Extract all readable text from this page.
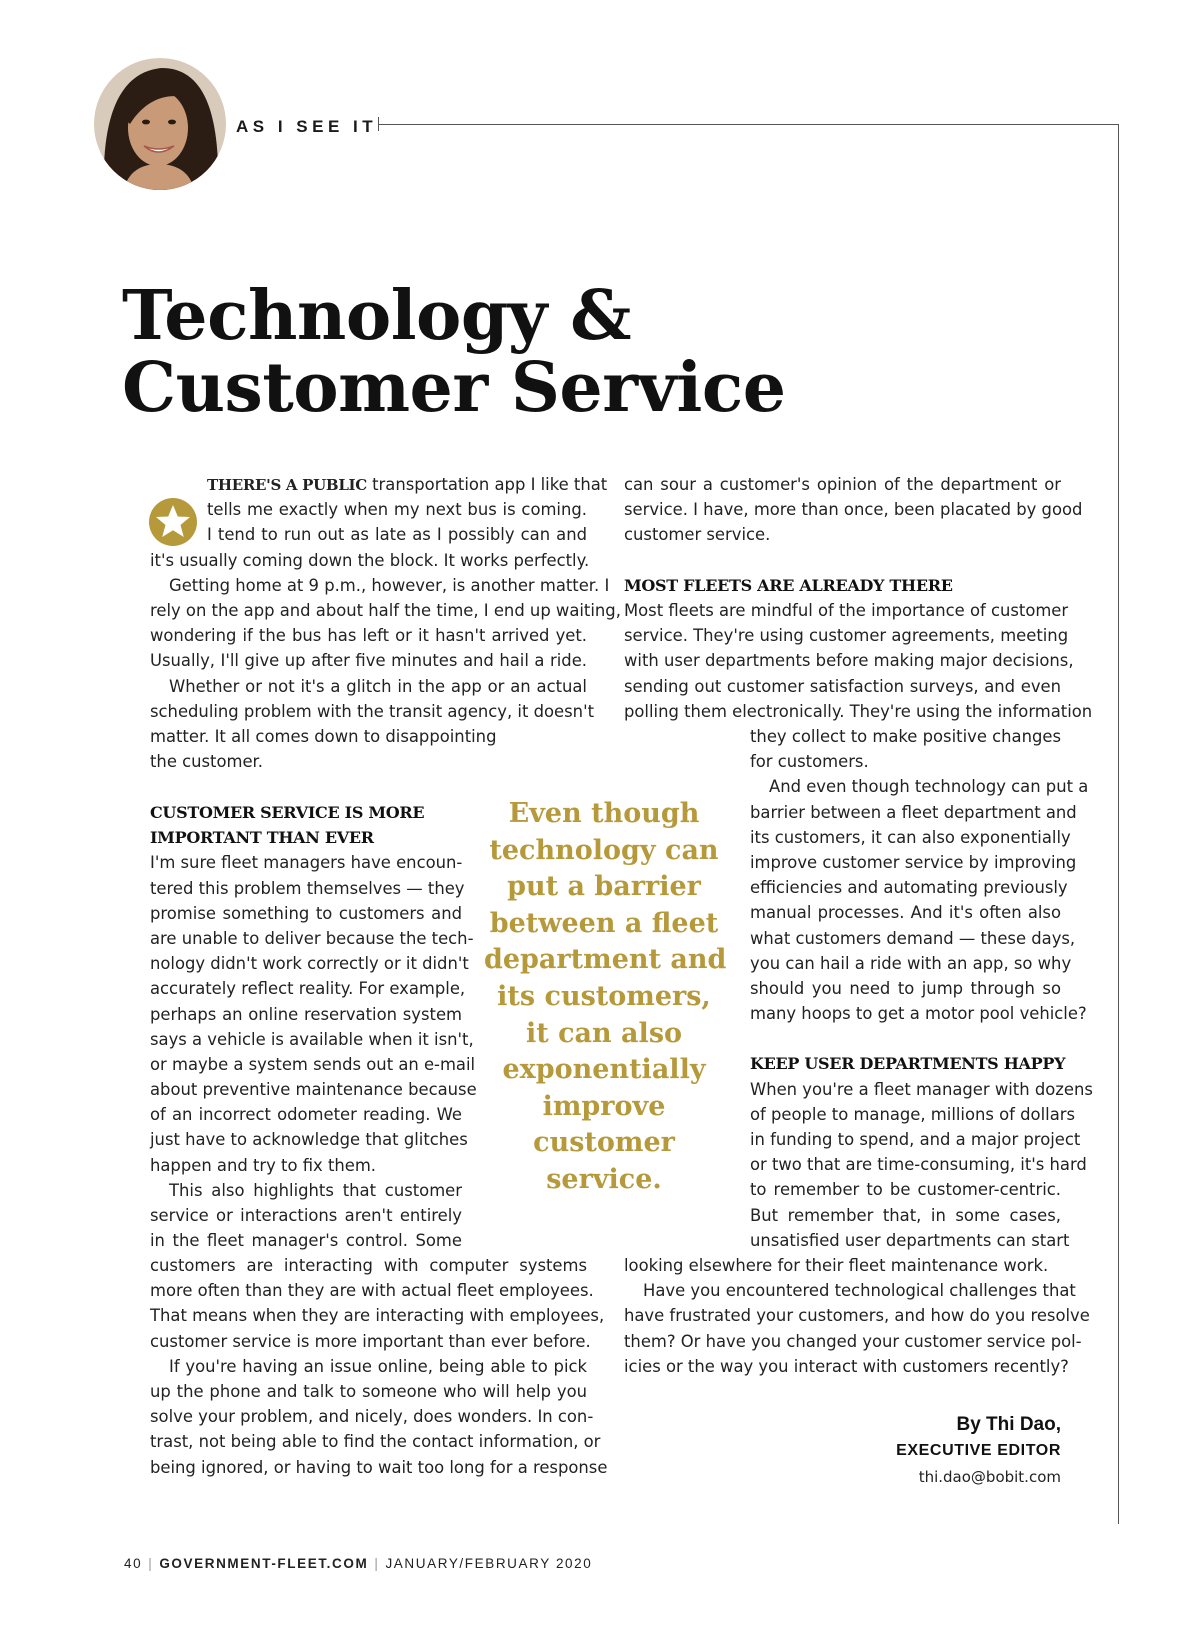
AS I SEE IT
Technology &
Customer Service
THERE'S A PUBLIC transportation app I like that
tells me exactly when my next bus is coming.
I tend to run out as late as I possibly can and
it's usually coming down the block. It works perfectly.
Getting home at 9 p.m., however, is another matter. I
rely on the app and about half the time, I end up waiting,
wondering if the bus has left or it hasn't arrived yet.
Usually, I'll give up after five minutes and hail a ride.
Whether or not it's a glitch in the app or an actual
scheduling problem with the transit agency, it doesn't
matter. It all comes down to disappointing
the customer.
CUSTOMER SERVICE IS MORE
IMPORTANT THAN EVER
I'm sure fleet managers have encoun-
tered this problem themselves — they
promise something to customers and
are unable to deliver because the tech-
nology didn't work correctly or it didn't
accurately reflect reality. For example,
perhaps an online reservation system
says a vehicle is available when it isn't,
or maybe a system sends out an e-mail
about preventive maintenance because
of an incorrect odometer reading. We
just have to acknowledge that glitches
happen and try to fix them.
This also highlights that customer
service or interactions aren't entirely
in the fleet manager's control. Some
customers are interacting with computer systems
more often than they are with actual fleet employees.
That means when they are interacting with employees,
customer service is more important than ever before.
If you're having an issue online, being able to pick
up the phone and talk to someone who will help you
solve your problem, and nicely, does wonders. In con-
trast, not being able to find the contact information, or
being ignored, or having to wait too long for a response
can sour a customer's opinion of the department or
service. I have, more than once, been placated by good
customer service.
MOST FLEETS ARE ALREADY THERE
Most fleets are mindful of the importance of customer
service. They're using customer agreements, meeting
with user departments before making major decisions,
sending out customer satisfaction surveys, and even
polling them electronically. They're using the information
they collect to make positive changes
for customers.
And even though technology can put a
barrier between a fleet department and
its customers, it can also exponentially
improve customer service by improving
efficiencies and automating previously
manual processes. And it's often also
what customers demand — these days,
you can hail a ride with an app, so why
should you need to jump through so
many hoops to get a motor pool vehicle?
KEEP USER DEPARTMENTS HAPPY
When you're a fleet manager with dozens
of people to manage, millions of dollars
in funding to spend, and a major project
or two that are time-consuming, it's hard
to remember to be customer-centric.
But remember that, in some cases,
unsatisfied user departments can start
looking elsewhere for their fleet maintenance work.
Have you encountered technological challenges that
have frustrated your customers, and how do you resolve
them? Or have you changed your customer service pol-
icies or the way you interact with customers recently?
Even though
technology can
put a barrier
between a fleet
department and
its customers,
it can also
exponentially
improve
customer
service.
By Thi Dao,
EXECUTIVE EDITOR
thi.dao@bobit.com
40 | GOVERNMENT-FLEET.COM | JANUARY/FEBRUARY 2020
